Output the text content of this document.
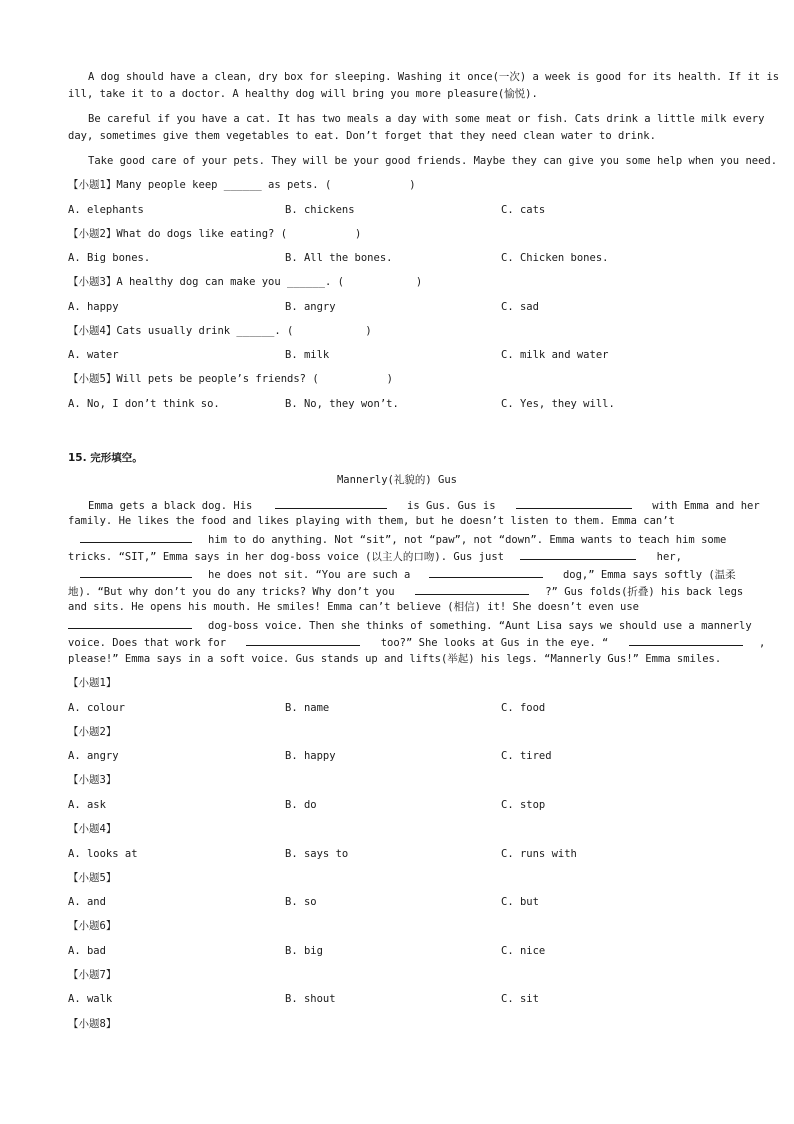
A dog should have a clean, dry box for sleeping. Washing it once(一次) a week is good for its health. If it is
ill, take it to a doctor. A healthy dog will bring you more pleasure(愉悦).
Be careful if you have a cat. It has two meals a day with some meat or fish. Cats drink a little milk every
day, sometimes give them vegetables to eat. Don’t forget that they need clean water to drink.
Take good care of your pets. They will be your good friends. Maybe they can give you some help when you need.
【小题1】Many people keep ______ as pets. (	)
A. elephants	B. chickens	C. cats
【小题2】What do dogs like eating? (	)
A. Big bones.	B. All the bones.	C. Chicken bones.
【小题3】A healthy dog can make you ______. (	)
A. happy	B. angry	C. sad
【小题4】Cats usually drink ______. (	)
A. water	B. milk	C. milk and water
【小题5】Will pets be people’s friends? (	)
A. No, I don’t think so.	B. No, they won’t.	C. Yes, they will.
15. 完形填空。
Mannerly(礼貌的) Gus
Emma gets a black dog. His	is Gus. Gus is	with Emma and her
family. He likes the food and likes playing with them, but he doesn’t listen to them. Emma can’t
him to do anything. Not “sit”, not “paw”, not “down”. Emma wants to teach him some
tricks. “SIT,” Emma says in her dog-boss voice (以主人的口吻). Gus just	her,
he does not sit. “You are such a	dog,” Emma says softly (温柔
地). “But why don’t you do any tricks? Why don’t you	?” Gus folds(折叠) his back legs
and sits. He opens his mouth. He smiles! Emma can’t believe (相信) it! She doesn’t even use
dog-boss voice. Then she thinks of something. “Aunt Lisa says we should use a mannerly
voice. Does that work for	too?” She looks at Gus in the eye. “	,
please!” Emma says in a soft voice. Gus stands up and lifts(举起) his legs. “Mannerly Gus!” Emma smiles.
【小题1】
A. colour	B. name	C. food
【小题2】
A. angry	B. happy	C. tired
【小题3】
A. ask	B. do	C. stop
【小题4】
A. looks at	B. says to	C. runs with
【小题5】
A. and	B. so	C. but
【小题6】
A. bad	B. big	C. nice
【小题7】
A. walk	B. shout	C. sit
【小题8】
